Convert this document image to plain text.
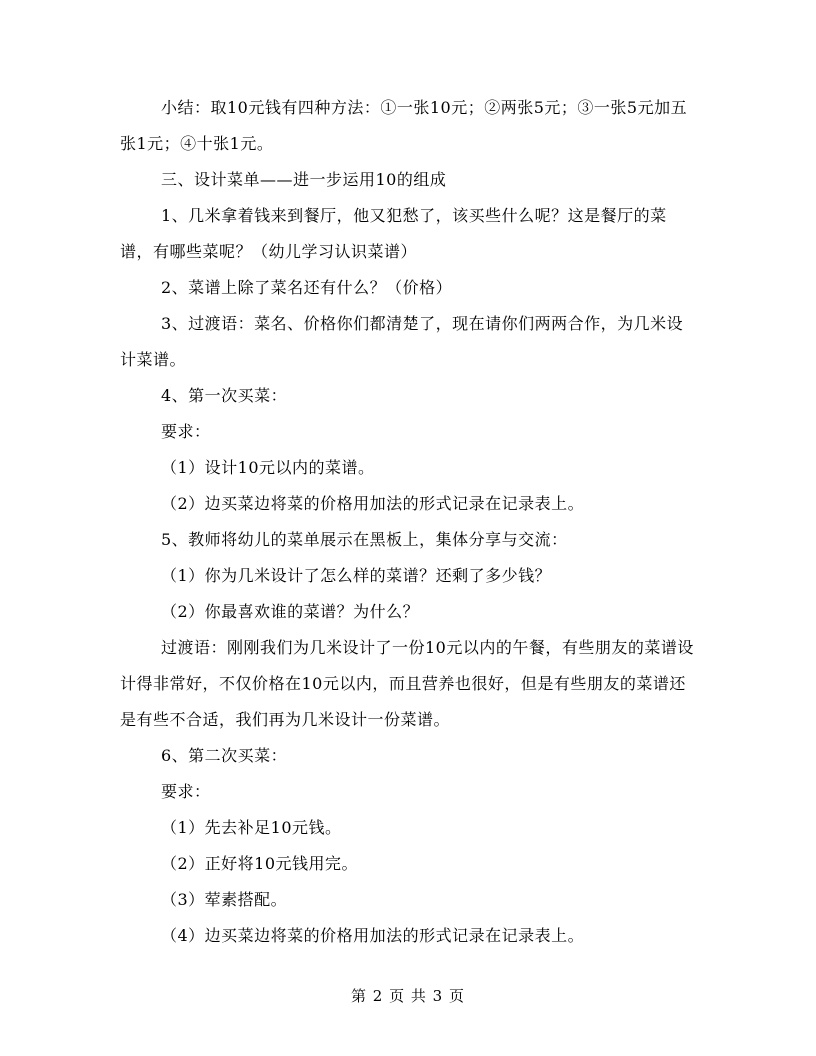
小结：取10元钱有四种方法：①一张10元；②两张5元；③一张5元加五张1元；④十张1元。

三、设计菜单——进一步运用10的组成

1、几米拿着钱来到餐厅，他又犯愁了，该买些什么呢？这是餐厅的菜谱，有哪些菜呢？（幼儿学习认识菜谱）

2、菜谱上除了菜名还有什么？（价格）

3、过渡语：菜名、价格你们都清楚了，现在请你们两两合作，为几米设计菜谱。

4、第一次买菜：

要求：

（1）设计10元以内的菜谱。

（2）边买菜边将菜的价格用加法的形式记录在记录表上。

5、教师将幼儿的菜单展示在黑板上，集体分享与交流：

（1）你为几米设计了怎么样的菜谱？还剩了多少钱？

（2）你最喜欢谁的菜谱？为什么？

过渡语：刚刚我们为几米设计了一份10元以内的午餐，有些朋友的菜谱设计得非常好，不仅价格在10元以内，而且营养也很好，但是有些朋友的菜谱还是有些不合适，我们再为几米设计一份菜谱。

6、第二次买菜：

要求：

（1）先去补足10元钱。

（2）正好将10元钱用完。

（3）荤素搭配。

（4）边买菜边将菜的价格用加法的形式记录在记录表上。

第 2 页 共 3 页
